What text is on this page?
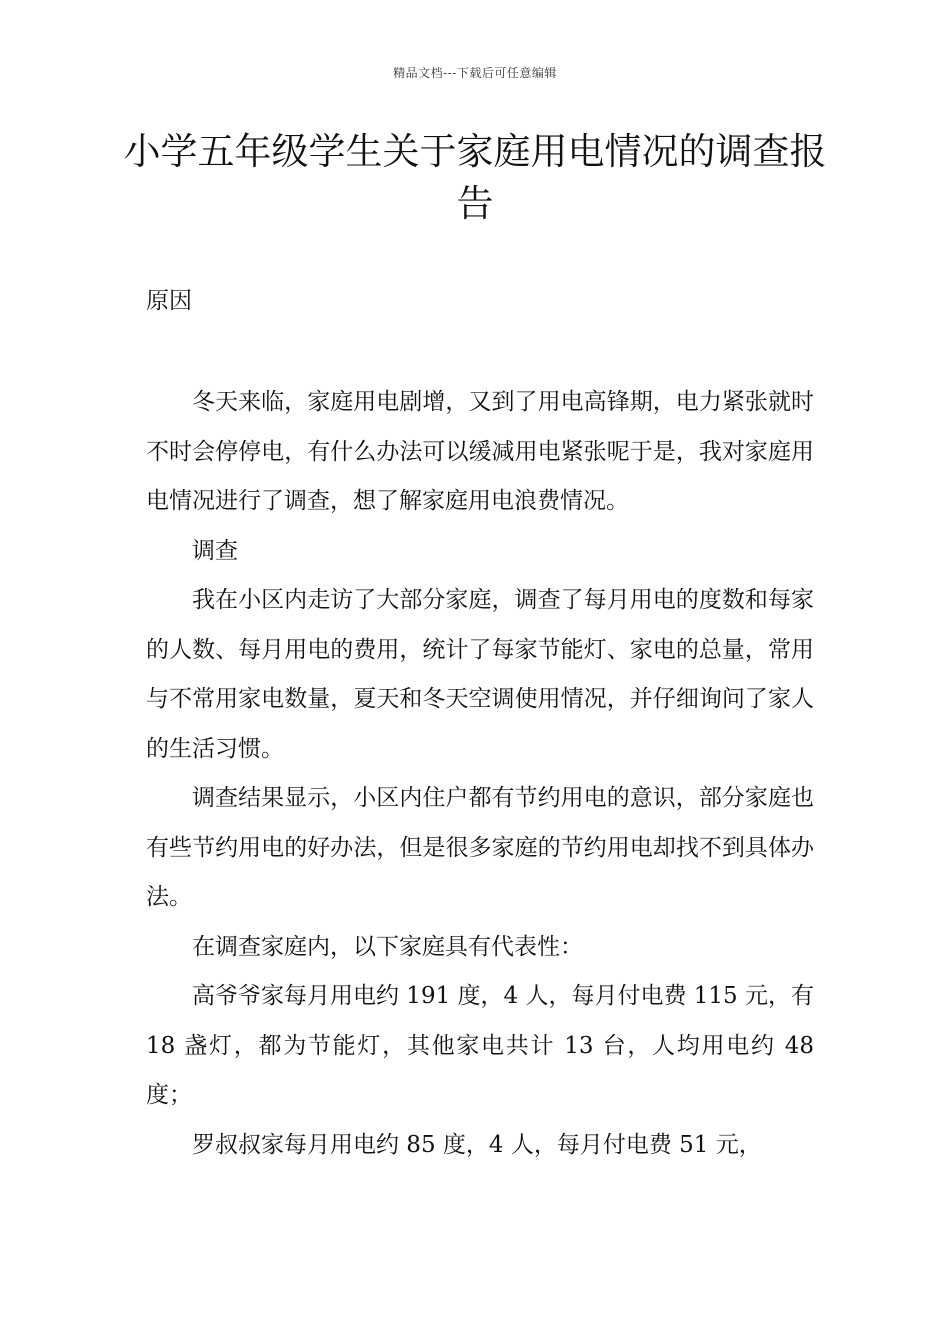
精品文档---下载后可任意编辑
小学五年级学生关于家庭用电情况的调查报告
原因

冬天来临，家庭用电剧增，又到了用电高锋期，电力紧张就时不时会停停电，有什么办法可以缓减用电紧张呢于是，我对家庭用电情况进行了调查，想了解家庭用电浪费情况。

调查

我在小区内走访了大部分家庭，调查了每月用电的度数和每家的人数、每月用电的费用，统计了每家节能灯、家电的总量，常用与不常用家电数量，夏天和冬天空调使用情况，并仔细询问了家人的生活习惯。

调查结果显示，小区内住户都有节约用电的意识，部分家庭也有些节约用电的好办法，但是很多家庭的节约用电却找不到具体办法。

在调查家庭内，以下家庭具有代表性：

高爷爷家每月用电约 191 度，4 人，每月付电费 115 元，有 18 盏灯，都为节能灯，其他家电共计 13 台，人均用电约 48 度；

罗叔叔家每月用电约 85 度，4 人，每月付电费 51 元，
